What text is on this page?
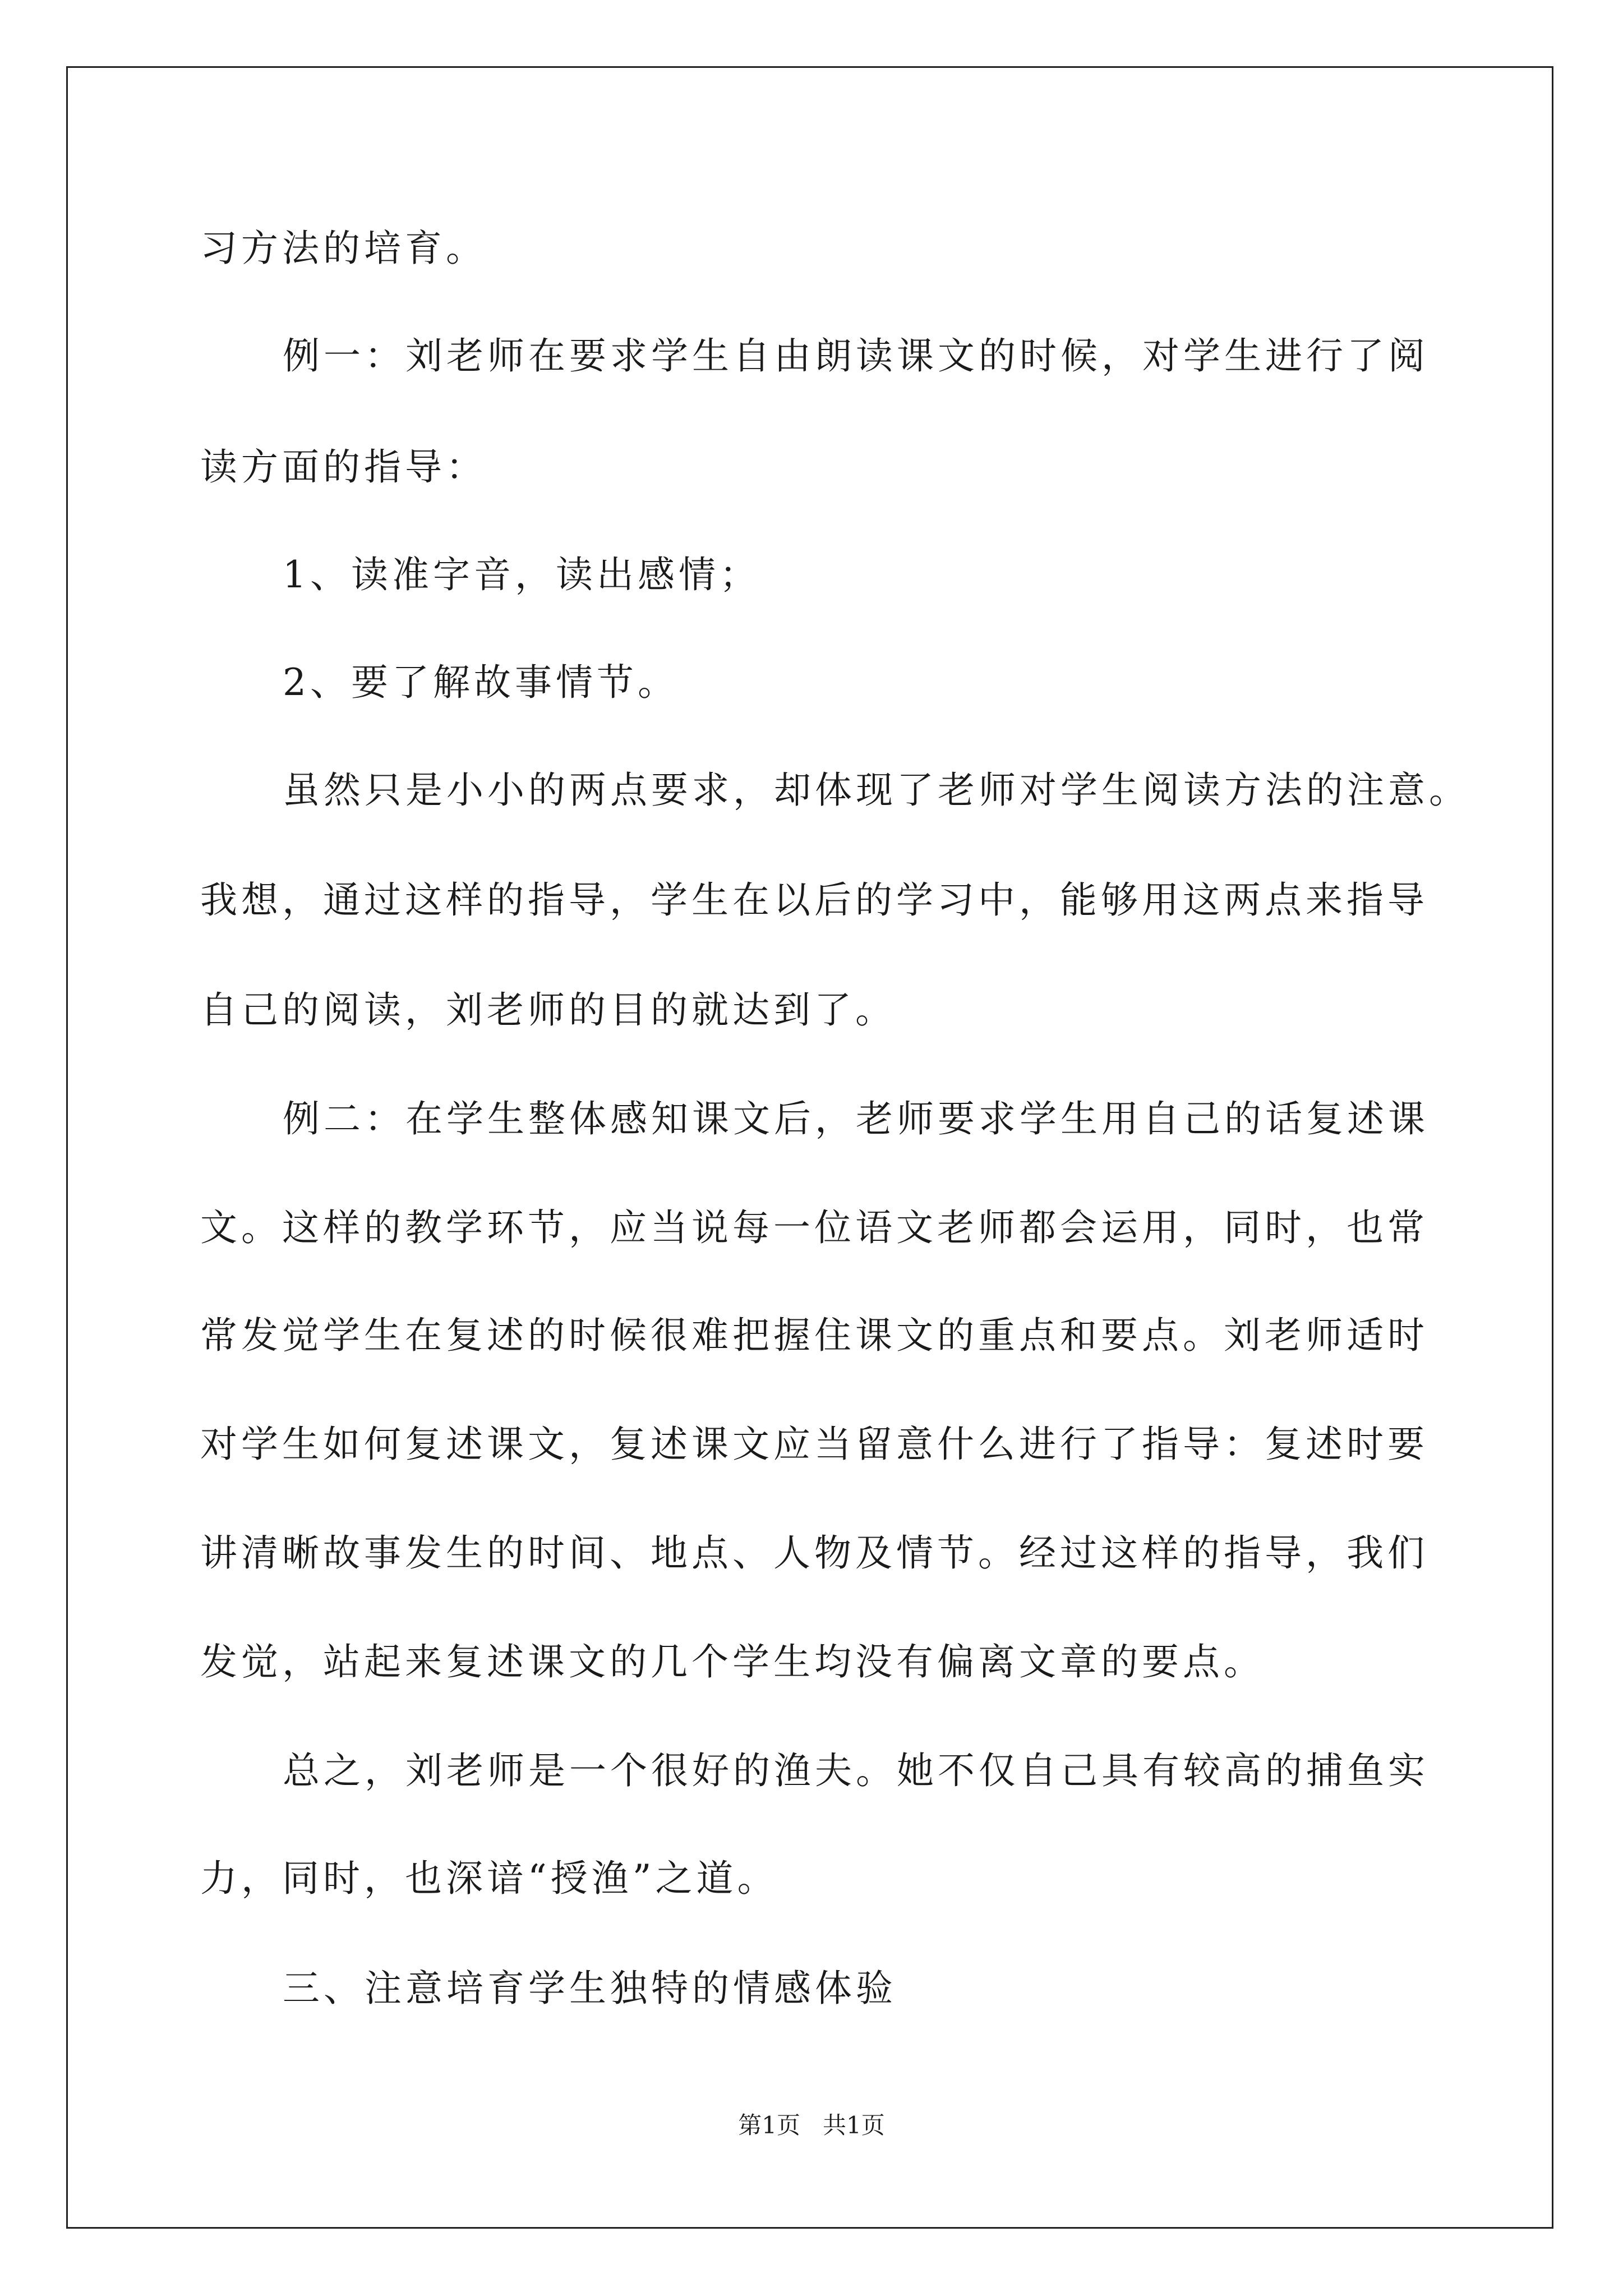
习方法的培育。
例一：刘老师在要求学生自由朗读课文的时候，对学生进行了阅
读方面的指导：
1、读准字音，读出感情；
2、要了解故事情节。
虽然只是小小的两点要求，却体现了老师对学生阅读方法的注意。
我想，通过这样的指导，学生在以后的学习中，能够用这两点来指导
自己的阅读，刘老师的目的就达到了。
例二：在学生整体感知课文后，老师要求学生用自己的话复述课
文。这样的教学环节，应当说每一位语文老师都会运用，同时，也常
常发觉学生在复述的时候很难把握住课文的重点和要点。刘老师适时
对学生如何复述课文，复述课文应当留意什么进行了指导：复述时要
讲清晰故事发生的时间、地点、人物及情节。经过这样的指导，我们
发觉，站起来复述课文的几个学生均没有偏离文章的要点。
总之，刘老师是一个很好的渔夫。她不仅自己具有较高的捕鱼实
力，同时，也深谙“授渔”之道。
三、注意培育学生独特的情感体验
第1页   共1页
